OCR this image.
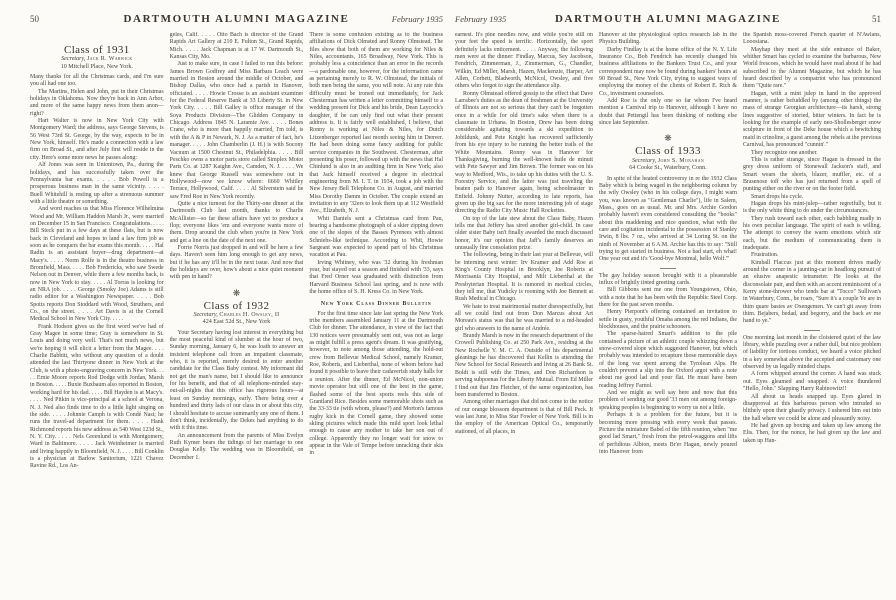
50	DARTMOUTH ALUMNI MAGAZINE	February 1935
Class of 1931
Secretary, Jack R. Warwick
10 Mitchell Place, New York.

Many thanks for all the Christmas cards, and I'm sure you all had one too.

The Martins, Helen and John, put in their Christmas holidays in Oklahoma. Now they're back in Ann Arbor, and more of the same happy news from them anon—right?

Hart Walter is now in New York City with Montgomery Ward; the address, says George Stevens, is 56 West 73rd St. George, by the way, expects to be in New York, himself. He's made a connection with a law firm on Broad St., and after July first will reside in the city. Here's some more news he passes along:

Alf Jones was seen in Uniontown, Pa., during the holidays, and has successfully taken over the Pennsylvania bar exams. . . . . Bob Powell is a prosperous business man in the same vicinity. . . . . Buell Whitehill is resting up after a strenuous summer with a little theatre or something.

And word reaches us that Miss Florence Wilhelmina Wood and Mr. William Haddon Marsh Jr., were married on December 15 in San Francisco. Congratulations. . . . . Bill Steck put in a few days at these flats, but is now back in Cleveland and hopes to land a law firm job as soon as he conquers the bar exams this month. . . . . Hal Radin is an assistant buyer—drug department—at Macy's. . . . . Norm Rolfe is in the theatre business in Bromfield, Mass. . . . . Bob Fredericks, who saw Swede Nelson out in Denver, while there a few months back, is now in New York to stay. . . . . Al Torras is looking for an NRA job. . . . . George (Smoky Joe) Adams is still radio editor for a Washington Newspaper. . . . . Bob Spotts reports Don Stoddard with Wood, Struthers, and Co., on the street. . . . . Art Davis is at the Cornell Medical School in New York City. . . . .

Frank Hodson gives us the first word we've had of Gray Magee in some time; Gray is somewhere in St. Louis and doing very well. That's not much news, but we're hoping it will elicit a letter from the Magee. . . . Charlie Babbitt, who without any question of a doubt attended the last Thirtyone dinner in New York at the Club, is with a photo-engraving concern in New York. . . . . Ernie Moore reports Rod Dodge with Jordan, Marsh in Boston. . . . . Buxie Buxbaum also reported in Boston, working hard for his dad. . . . . Bill Hayden is at Macy's. . . . . Ned Pitkin is vice-principal at a school at Verona, N. J. Ned also finds time to do a little light singing on the side. . . . . Johnnie Camph is with Condé Nast; he runs the travel-ad department for them. . . . . Hank Richmond reports his new address as 540 West 123d St., N. Y. City. . . . . Nels Greenlund is with Montgomery, Ward in Baltimore. . . . . Jack Weinheimer is married and living happily in Bloomfield, N. J. . . . . Bill Conklin is a physician at Barlow Sanitorium, 1221 Chavez Ravine Rd., Los An-

geles, Calif. . . . . Otto Bach is director of the Grand Rapids Art Gallery at 210 E. Fulton St., Grand Rapids, Mich. . . . . Jack Chapman is at 17 W. Dartmouth St., Kansas City, Mo.

Just to make sure, in case I failed to run this before: James Brown Godfrey and Miss Barbara Leach were married in Boston around the middle of October, and Bishop Dallas, who once had a parish in Hanover, officiated. . . . . Howie Crosse is an assistant examiner for the Federal Reserve Bank at 33 Liberty St. in New York City. . . . . Bill Galley is office manager of the Soya Products Division—The Glidden Company in Chicago. Address 1845 N. Laramie Ave. . . . . Bones Crane, who is more than happily married, I'm told, is with the A & P in Newark, N. J. As a matter of fact, he's manager. . . . . John Chamberlin (J. H.) is with Socony Vacuum at 1500 Chestnut St., Philadelphia. . . . . Bill Peschko owns a motor parts store called Simplex Motor Parts Co. at 1287 Kaighn Ave., Camden, N. J. . . . . We knew that George Russell was somewhere out in Hollywood—now we know where: 6660 Whitley Terrace, Hollywood, Calif. . . . . Al Silverstein said he saw Fred Roe in New York recently.

Quite a nice turnout for the Thirty-one dinner at the Dartmouth Club last month, thanks to Charlie McAllister—so far these affairs have yet to produce a flop; everyone likes 'em and everyone wants more of them. Drop around the club when you're in New York and get a line on the date of the next one.

Forrie Norris just dropped in and will be here a few days. Haven't seen him long enough to get any news, but if he has any it'll be in the next issue. And now that the holidays are over, how's about a nice quiet moment with pen in hand?

❋
Class of 1932
Secretary, Charles H. Owsley, II
424 East 52d St., New York

Your Secretary having lost interest in everything but the most peaceful kind of slumber at the hour of two, Sunday morning, January 6, he was loath to answer an insistent telephone call from an impatient classmate, who, it is reported, merely desired to enter another candidate for the Class Baby contest. My informant did not get the man's name, but I should like to announce for his benefit, and that of all telephone-minded stay-out-all-nights that this office has rigorous hours—at least on Sunday mornings, early. There being over a hundred and thirty lads of our class in or about this city, I should hesitate to accuse summarily any one of them. I don't think, incidentally, the Dekes had anything to do with it this time.

An announcement from the parents of Miss Evelyn Ruth Kymer bears the tidings of her marriage to one Douglas Kelly. The wedding was in Bloomfield, on December 1.

There is some confusion existing as to the business affiliations of Dick Olmsted and Ronny Olmstead. The files show that both of them are working for Niles & Niles, accountants, 165 Broadway, New York. This is probably less a coincidence than an error in the records—a pardonable one, however, for the information came as pertaining merely to R. W. Olmstead, the initials of both men being the same, you will note. At any rate this difficulty must be ironed out immediately, for Jack Chesterman has written a letter committing himself to a wedding present for Dick and his bride, Dean Laycock's daughter, if he can only find out what their present address is. It is fairly well established, I believe, that Ronny is working at Niles & Niles, for Dutch Litzenberger reported last month seeing him in Denver. He had been doing some fancy auditing for public service companies in the Southwest. Chesterman, after presenting his poser, followed up with the news that Hal Chinlund is also in an auditing firm in New York; also that Jack himself received a degree in electrical engineering from M. I. T. in 1934, took a job with the New Jersey Bell Telephone Co. in August, and married Miss Dorothy Damm in October. The couple extend an invitation to any '32ers to look them up at 112 Westfield Ave., Elizabeth, N. J.

Whit Daniels sent a Christmas card from Pau, bearing a handsome photograph of a skier zipping down one of the slopes of the Basses Pyrenees with almost Schniebs-like technique. According to Whit, Howie Sargeant was expected to spend part of his Christmas vacation at Pau.

Irving Whitney, who was '32 during his freshman year, but stayed out a season and finished with '33, says that Fred Orner was graduated with distinction from Harvard Business School last spring, and is now with the home office of S. H. Kress Co. in New York.

New York Class Dinner Bulletin

For the first time since late last spring the New York tribe members assembled January 11 at the Dartmouth Club for dinner. The attendance, in view of the fact that 130 notices were presumably sent out, was not as large as might fulfill a press agent's dream. It was gratifying, however, to note among those attending, the hold-out crew from Bellevue Medical School, namely Kramer, Roe, Roberts, and Lieberthal, none of whom before had found it possible to leave their cadaverish study halls for a reunion. After the dinner, Ed McNicol, non-union movie operator but still one of the best in the game, flashed some of the best sports reels this side of Grantland Rice. Besides some memorable shots such as the 33-33 tie (with whom, please?) and Morton's famous rugby kick in the Cornell game, they showed some skiing pictures which made this mild sport look lethal enough to cause any mother to take her son out of college. Apparently they no longer wait for snow to appear in the Vale of Tempe before unracking their skis in

February 1935	DARTMOUTH ALUMNI MAGAZINE	51

earnest. It's pine needles now, and while you're still on your feet the speed is terrific. Horizontally, the sport definitely lacks enticement. . . . . Anyway, the following men were at the dinner: Findlay, Marcus, Sey Jacobson, Fendrich, Zimmerman, J., Zimmerman, G., Chandler, Wilkin, Ed Miller, Marsh, Hazen, Mackenzie, Harper, Art Allen, Corbett, Bladworth, McNicol, Owsley, and five others who forgot to sign the attendance slip.

Ronny Olmstead offered gossip to the effect that Dave Larrabee's duties as the dean of freshmen at the University of Illinois are not so serious that they can't be forgotten once in a while for old time's sake when there is a classmate in Urbana. In Boston, Drew has been doing considerable agitating towards a ski expedition to Jobildunk, and Pete Knight has recovered sufficiently from his eye injury to be running the better trails of the White Mountains. Ronny was in Hanover for Thanksgiving, burning the well-known huile de minuit with Pete Sawyer and Jim Brown. The former was on his way to Medford, Wis., to take up his duties with the U. S. Forestry Service, and the latter was just traveling the beaten path to Hanover again, being schoolmaster in Enfield. Johnny Nutter, according to late reports, has given up the big sax for the more interesting job of stage directing the Radio City Music Hall Rockettes.

On top of the late stew about the Class Baby, Hazen tells me that Jeffery has sired another girl-child. In case older sister Baby isn't finally awarded the much discussed honor, it's our opinion that Jaff's family deserves an unusually fine consolation prize.

The following, being in their last year at Bellevue, will be interning next winter: Irv Kramer and Add Roe at King's County Hospital in Brooklyn, Joe Roberts at Morrisania City Hospital, and Milt Lieberthal at the Presbyterian Hospital. It is rumored in medical circles, they tell me, that Yudicky is rooming with Joe Bennett at Rush Medical in Chicago.

We hate to treat matrimonial matter disrespectfully, but all we could find out from Don Marcus about Art Moreau's status was that he was married to a red-headed girl who answers to the name of Andrée.

Brandy Marsh is now in the research department of the Crowell Publishing Co. at 250 Park Ave., residing at the New Rochelle Y. M. C. A. Outside of his departmental gleanings he has discovered that Kellin is attending the New School for Social Research and living at 26 Bank St. Boldt is still with the Times, and Don Richardson is serving subpoenas for the Liberty Mutual. From Ed Miller I find out that Jim Fletcher, of the same organization, has been transferred to Boston.

Among other marriages that did not come to the notice of our orange blossom department is that of Bill Peck. It was last June, to Miss Star Fowler of New York. Bill is in the employ of the American Optical Co., temporarily stationed, of all places, in

Hanover at the physiological optics research lab in the Physics Building.

Darby Findlay is at the home office of the N. Y. Life Insurance Co., Bob Fendrich has recently changed his business affiliations to the Bankers Trust Co., and your correspondent may now be found during bankers' hours at 90 Broad St., New York City, trying to suggest ways of employing the money of the clients of Robert E. Rich & Co., investment counselors.

Add Roe is the only one so far whom I've heard mention a Carnival trip to Hanover, although I have no doubt that Pettengil has been thinking of nothing else since late September.

❋
Class of 1933
Secretary, John S. Monahan
64 Cooke St., Waterbury, Conn.

In spite of the heated controversy in re the 1932 Class Baby which is being waged in the neighboring column by the wily Owsley (who in his college days, I might warn you, was known as "Gentleman Charlie"), life in Salem, Mass., goes on as usual. Mr. and Mrs. Archie Gordon probably haven't even considered consulting the "books" about this maddening and nice question, what with the care and cogitation incidental to the possession of Stanley Irwin, 8 lbs. 7 oz., who arrived at 34 Loring St. on the ninth of November at 6 A.M. Archie has this to say: "Still trying to get started in business. Not a bad start, eh what! One year out and it's 'Good-bye Montreal, hello Wolf.'"

The gay holiday season brought with it a pleasurable influx of brightly tinted greeting cards.

Bill Gibbons sent me one from Youngstown, Ohio, with a note that he has been with the Republic Steel Corp. there for the past seven months.

Henry Pierpont's offering contained an invitation to settle in gusty, youthful Omaha among the red Indians, the blockhouses, and the prairie schooners.

The sparse-haired Smart's addition to the pile contained a picture of an athletic couple whizzing down a snow-covered slope which suggested Hanover, but which probably was intended to recapture those memorable days of the long vac spent among the Tyrolean Alps. He couldn't prevent a slip into the Oxford argot with a note about me good lad and your flat. He must have been reading Jeffrey Farnol.

And we might as well say here and now that this problem of sending our good '33 men out among foreign-speaking peoples is beginning to worry us not a little.

Perhaps it is a problem for the future, but it is becoming more pressing with every week that passes. Picture the miniature Babel of the fifth reunion, when "me good lad Smart," fresh from the petrol-waggons and lifts of perfidious Albion, meets Br'er Hagan, newly poured into Hanover from

the Spanish moss-covered French quarter of N'Awlans, Looosiana.

Mayhap they meet at the side entrance of Baker, whither Smart has cycled to examine the barbarous, New World frescoes, which he would have read about if he had subscribed to the Alumni Magazine, but which he has heard described by a compatriot who has pronounced them "Quite rare."

Hagan, with a mint julep in hand in the approved manner, is rather befuddled by (among other things) the mass of strange Georgian architecture—its harsh, strong lines suggestive of storied, bitter winters. In fact he is looking for the example of early neo-Shollesberger snow sculpture in front of the Deke house which a bewitching maid in crinoline, a guest among the rebels at the previous Carnival, has pronounced "cunnin'."

They recognize one another.

This is rather strange, since Hagan is dressed in the grey dress uniform of Stonewall Jackson's staff, and Smart wears the shorts, blazer, muffler, etc. of a Brasenose toff who has just returned from a spell of punting either on the river or on the footer field.

Smart drops his cycle.

Hagan drops his mint-julep—rather regretfully, but it is the only white thing to do under the circumstances.

They rush toward each other, each babbling madly in his own peculiar language. The spirit of each is willing. The attempt to convey the warm emotions which stir each, but the medium of communicating them is inadequate.

Frustration.

Kimball Flaccus just at this moment drives madly around the corner in a jaunting-car in headlong pursuit of an elusive anapestic tetrameter. He looks at the disconsolate pair, and then with an accent reminiscent of a Kerry stone-thrower who tends bar at "Tocco" Sullivan's in Waterbury, Conn., he roars, "Sure it's a couple Ye are in thim quare bastes av Oxengemen. Ye can't git away from thim. Bejabers, bedad, and begorry, and the back av me hand to ye."

One morning last month in the cloistered quiet of the law library, while puzzling over a rather dull, but nice problem of liability for tortious conduct, we heard a voice pitched in a key somewhat above the accepted and customary one observed by us legally minded chaps.

A form whipped around the corner. A hand was stuck out. Eyes gleamed and snapped. A voice thundered "Hello, John." Slapping Harry Rabinowitz!!

All about us heads snapped up. Eyes glared in disapproval at this barbarous person who intruded so blithely upon their ghastly privacy. I ushered him out into the hall where we could be alone and pleasantly noisy.

He had given up boxing and taken up law among the Elis. Then, for the nonce, he had given up the law and taken up Han-
